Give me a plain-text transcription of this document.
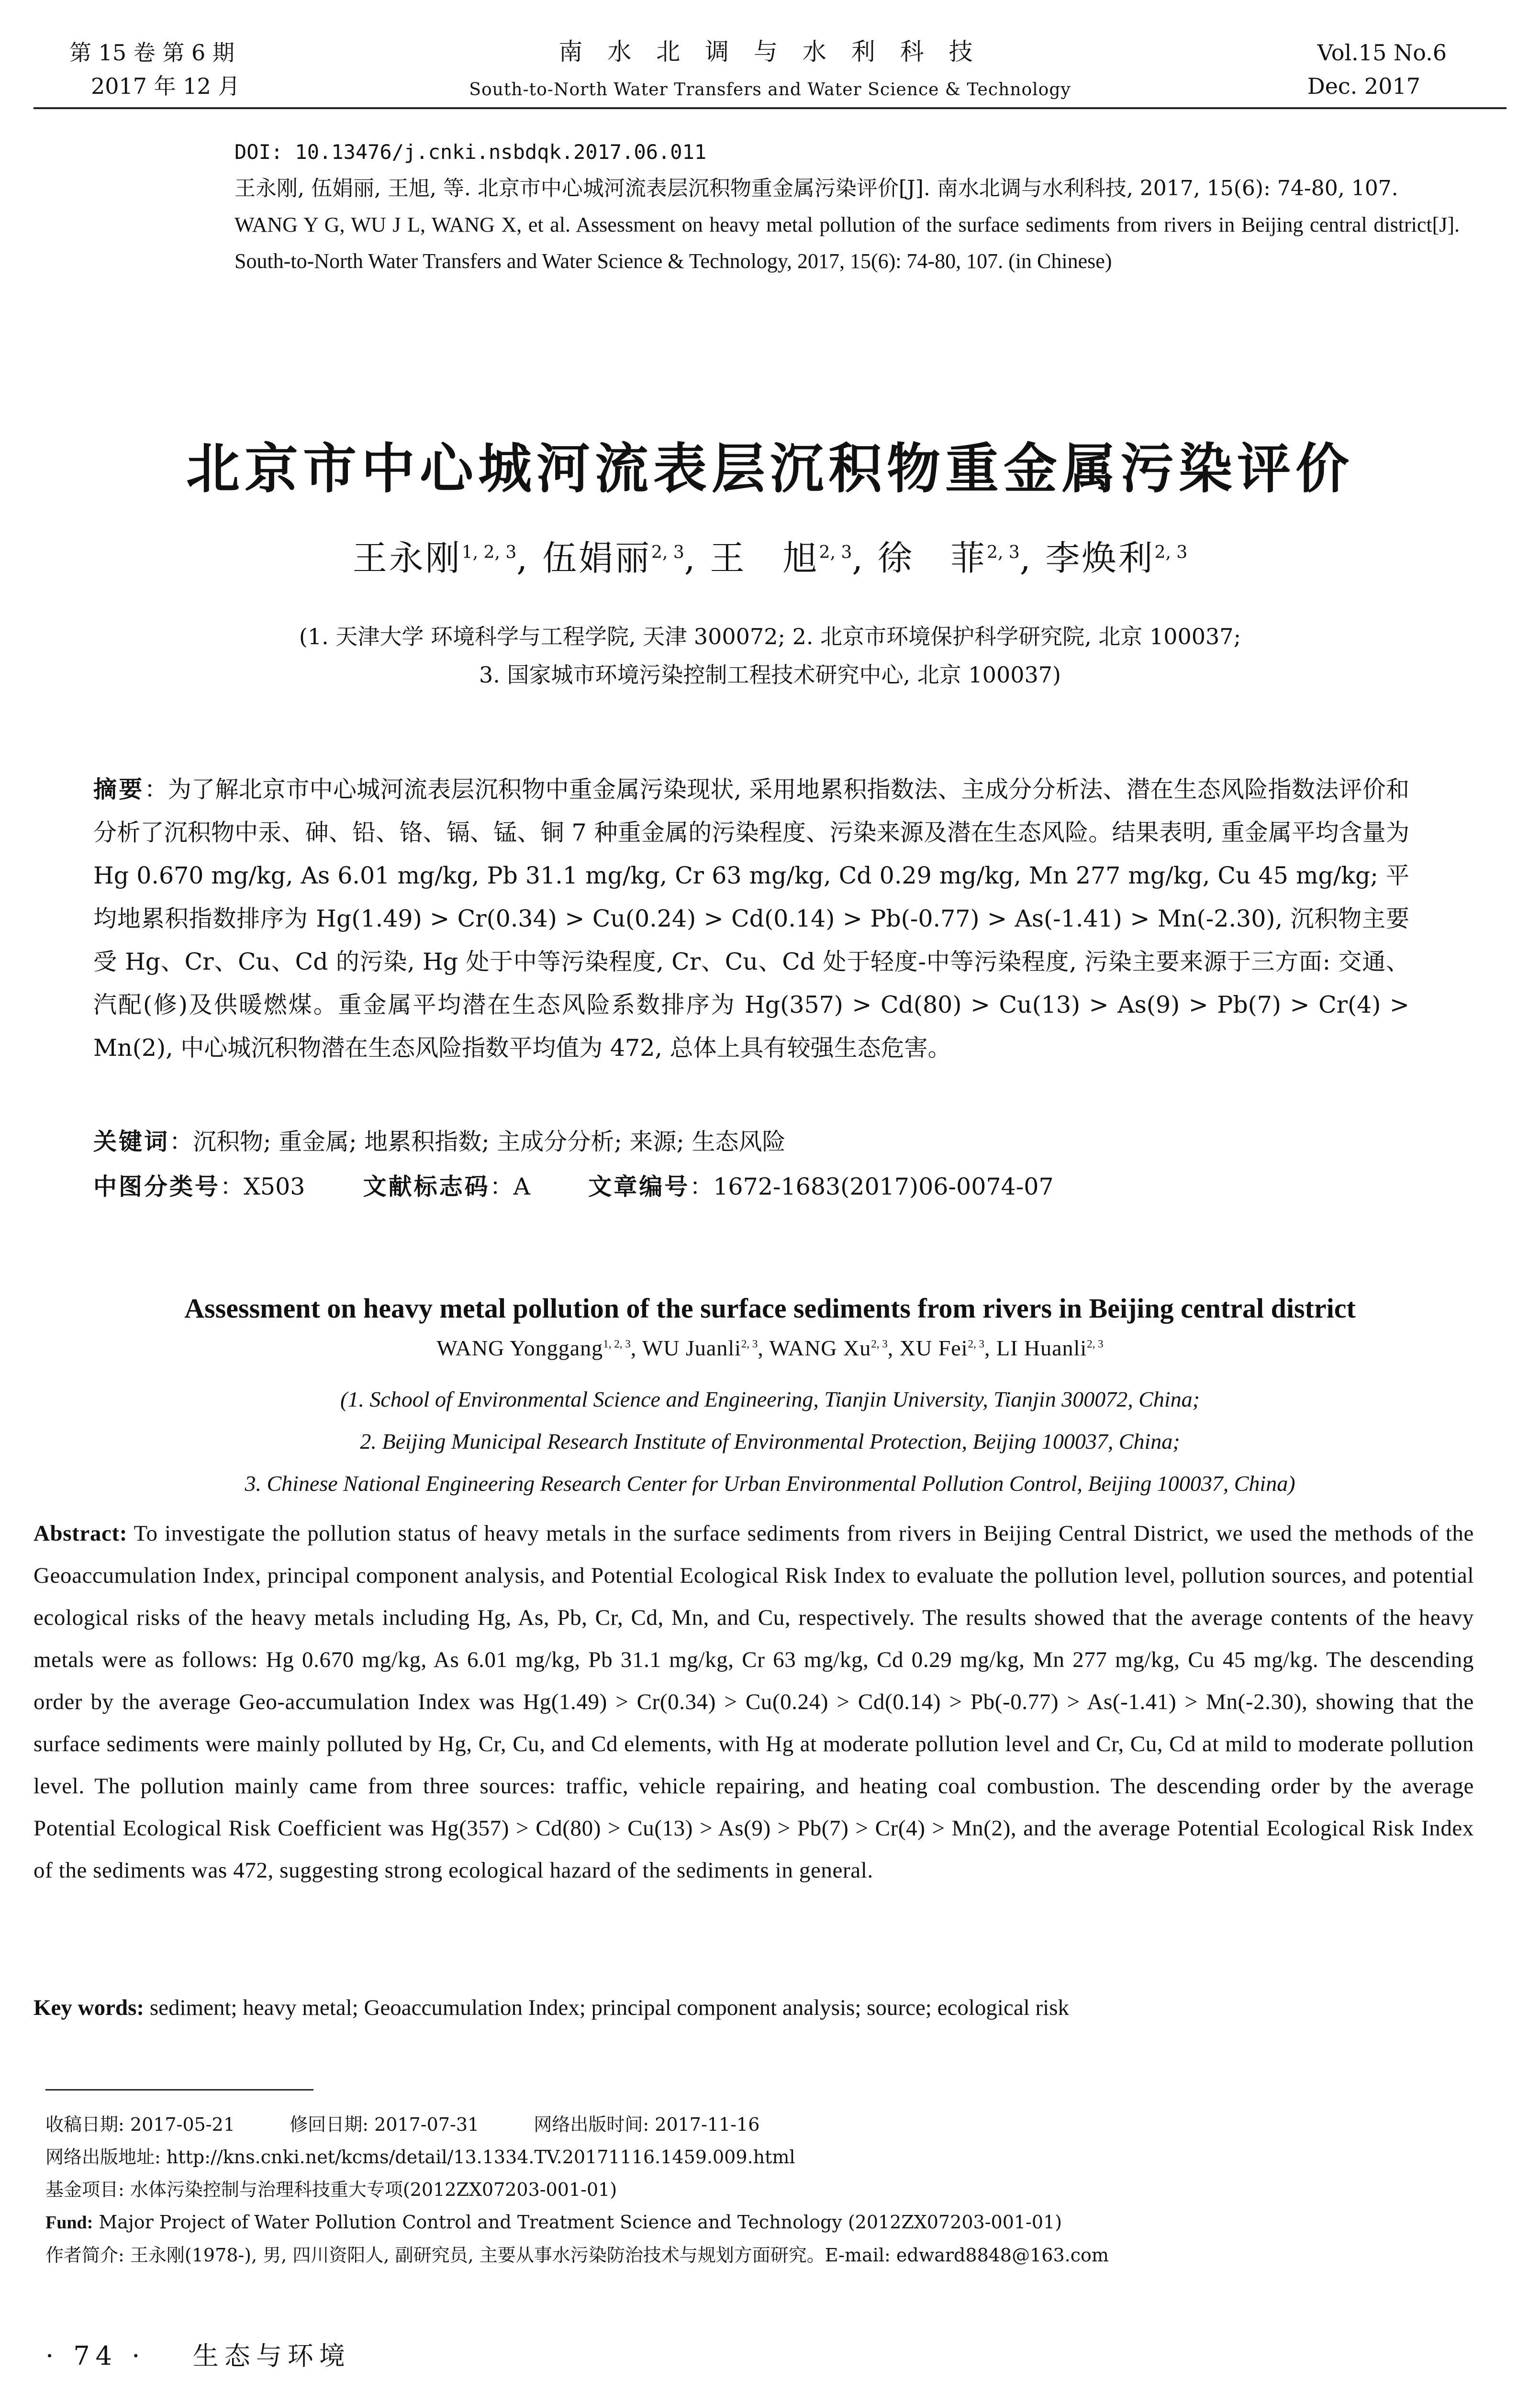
第 15 卷 第 6 期
2017 年 12 月
南 水 北 调 与 水 利 科 技
South-to-North Water Transfers and Water Science & Technology
Vol.15 No.6
Dec. 2017

DOI: 10.13476/j.cnki.nsbdqk.2017.06.011

王永刚, 伍娟丽, 王旭, 等. 北京市中心城河流表层沉积物重金属污染评价[J]. 南水北调与水利科技, 2017, 15(6): 74-80, 107.

WANG Y G, WU J L, WANG X, et al. Assessment on heavy metal pollution of the surface sediments from rivers in Beijing central district[J]. South-to-North Water Transfers and Water Science & Technology, 2017, 15(6): 74-80, 107. (in Chinese)

北京市中心城河流表层沉积物重金属污染评价
王永刚$^{1, 2, 3}$, 伍娟丽$^{2, 3}$, 王　旭$^{2, 3}$, 徐　菲$^{2, 3}$, 李焕利$^{2, 3}$
(1. 天津大学 环境科学与工程学院, 天津 300072; 2. 北京市环境保护科学研究院, 北京 100037;
3. 国家城市环境污染控制工程技术研究中心, 北京 100037)
摘要：为了解北京市中心城河流表层沉积物中重金属污染现状, 采用地累积指数法、主成分分析法、潜在生态风险指数法评价和分析了沉积物中汞、砷、铅、铬、镉、锰、铜 7 种重金属的污染程度、污染来源及潜在生态风险。结果表明, 重金属平均含量为 Hg 0.670 mg/kg, As 6.01 mg/kg, Pb 31.1 mg/kg, Cr 63 mg/kg, Cd 0.29 mg/kg, Mn 277 mg/kg, Cu 45 mg/kg; 平均地累积指数排序为 Hg(1.49) > Cr(0.34) > Cu(0.24) > Cd(0.14) > Pb(-0.77) > As(-1.41) > Mn(-2.30), 沉积物主要受 Hg、Cr、Cu、Cd 的污染, Hg 处于中等污染程度, Cr、Cu、Cd 处于轻度-中等污染程度, 污染主要来源于三方面: 交通、汽配(修)及供暖燃煤。重金属平均潜在生态风险系数排序为 Hg(357) > Cd(80) > Cu(13) > As(9) > Pb(7) > Cr(4) > Mn(2), 中心城沉积物潜在生态风险指数平均值为 472, 总体上具有较强生态危害。
关键词：沉积物; 重金属; 地累积指数; 主成分分析; 来源; 生态风险
中图分类号：X503 文献标志码：A 文章编号：1672-1683(2017)06-0074-07
Assessment on heavy metal pollution of the surface sediments from rivers in Beijing central district
WANG Yonggang$^{1, 2, 3}$, WU Juanli$^{2, 3}$, WANG Xu$^{2, 3}$, XU Fei$^{2, 3}$, LI Huanli$^{2, 3}$
(1. School of Environmental Science and Engineering, Tianjin University, Tianjin 300072, China;
2. Beijing Municipal Research Institute of Environmental Protection, Beijing 100037, China;
3. Chinese National Engineering Research Center for Urban Environmental Pollution Control, Beijing 100037, China)
Abstract: To investigate the pollution status of heavy metals in the surface sediments from rivers in Beijing Central District, we used the methods of the Geoaccumulation Index, principal component analysis, and Potential Ecological Risk Index to evaluate the pollution level, pollution sources, and potential ecological risks of the heavy metals including Hg, As, Pb, Cr, Cd, Mn, and Cu, respectively. The results showed that the average contents of the heavy metals were as follows: Hg 0.670 mg/kg, As 6.01 mg/kg, Pb 31.1 mg/kg, Cr 63 mg/kg, Cd 0.29 mg/kg, Mn 277 mg/kg, Cu 45 mg/kg. The descending order by the average Geo-accumulation Index was Hg(1.49) > Cr(0.34) > Cu(0.24) > Cd(0.14) > Pb(-0.77) > As(-1.41) > Mn(-2.30), showing that the surface sediments were mainly polluted by Hg, Cr, Cu, and Cd elements, with Hg at moderate pollution level and Cr, Cu, Cd at mild to moderate pollution level. The pollution mainly came from three sources: traffic, vehicle repairing, and heating coal combustion. The descending order by the average Potential Ecological Risk Coefficient was Hg(357) > Cd(80) > Cu(13) > As(9) > Pb(7) > Cr(4) > Mn(2), and the average Potential Ecological Risk Index of the sediments was 472, suggesting strong ecological hazard of the sediments in general.
Key words: sediment; heavy metal; Geoaccumulation Index; principal component analysis; source; ecological risk
收稿日期: 2017-05-21	修回日期: 2017-07-31	网络出版时间: 2017-11-16
网络出版地址: http://kns.cnki.net/kcms/detail/13.1334.TV.20171116.1459.009.html
基金项目: 水体污染控制与治理科技重大专项(2012ZX07203-001-01)
Fund: Major Project of Water Pollution Control and Treatment Science and Technology (2012ZX07203-001-01)
作者简介: 王永刚(1978-), 男, 四川资阳人, 副研究员, 主要从事水污染防治技术与规划方面研究。E-mail: edward8848@163.com
· 74 · 生态与环境
